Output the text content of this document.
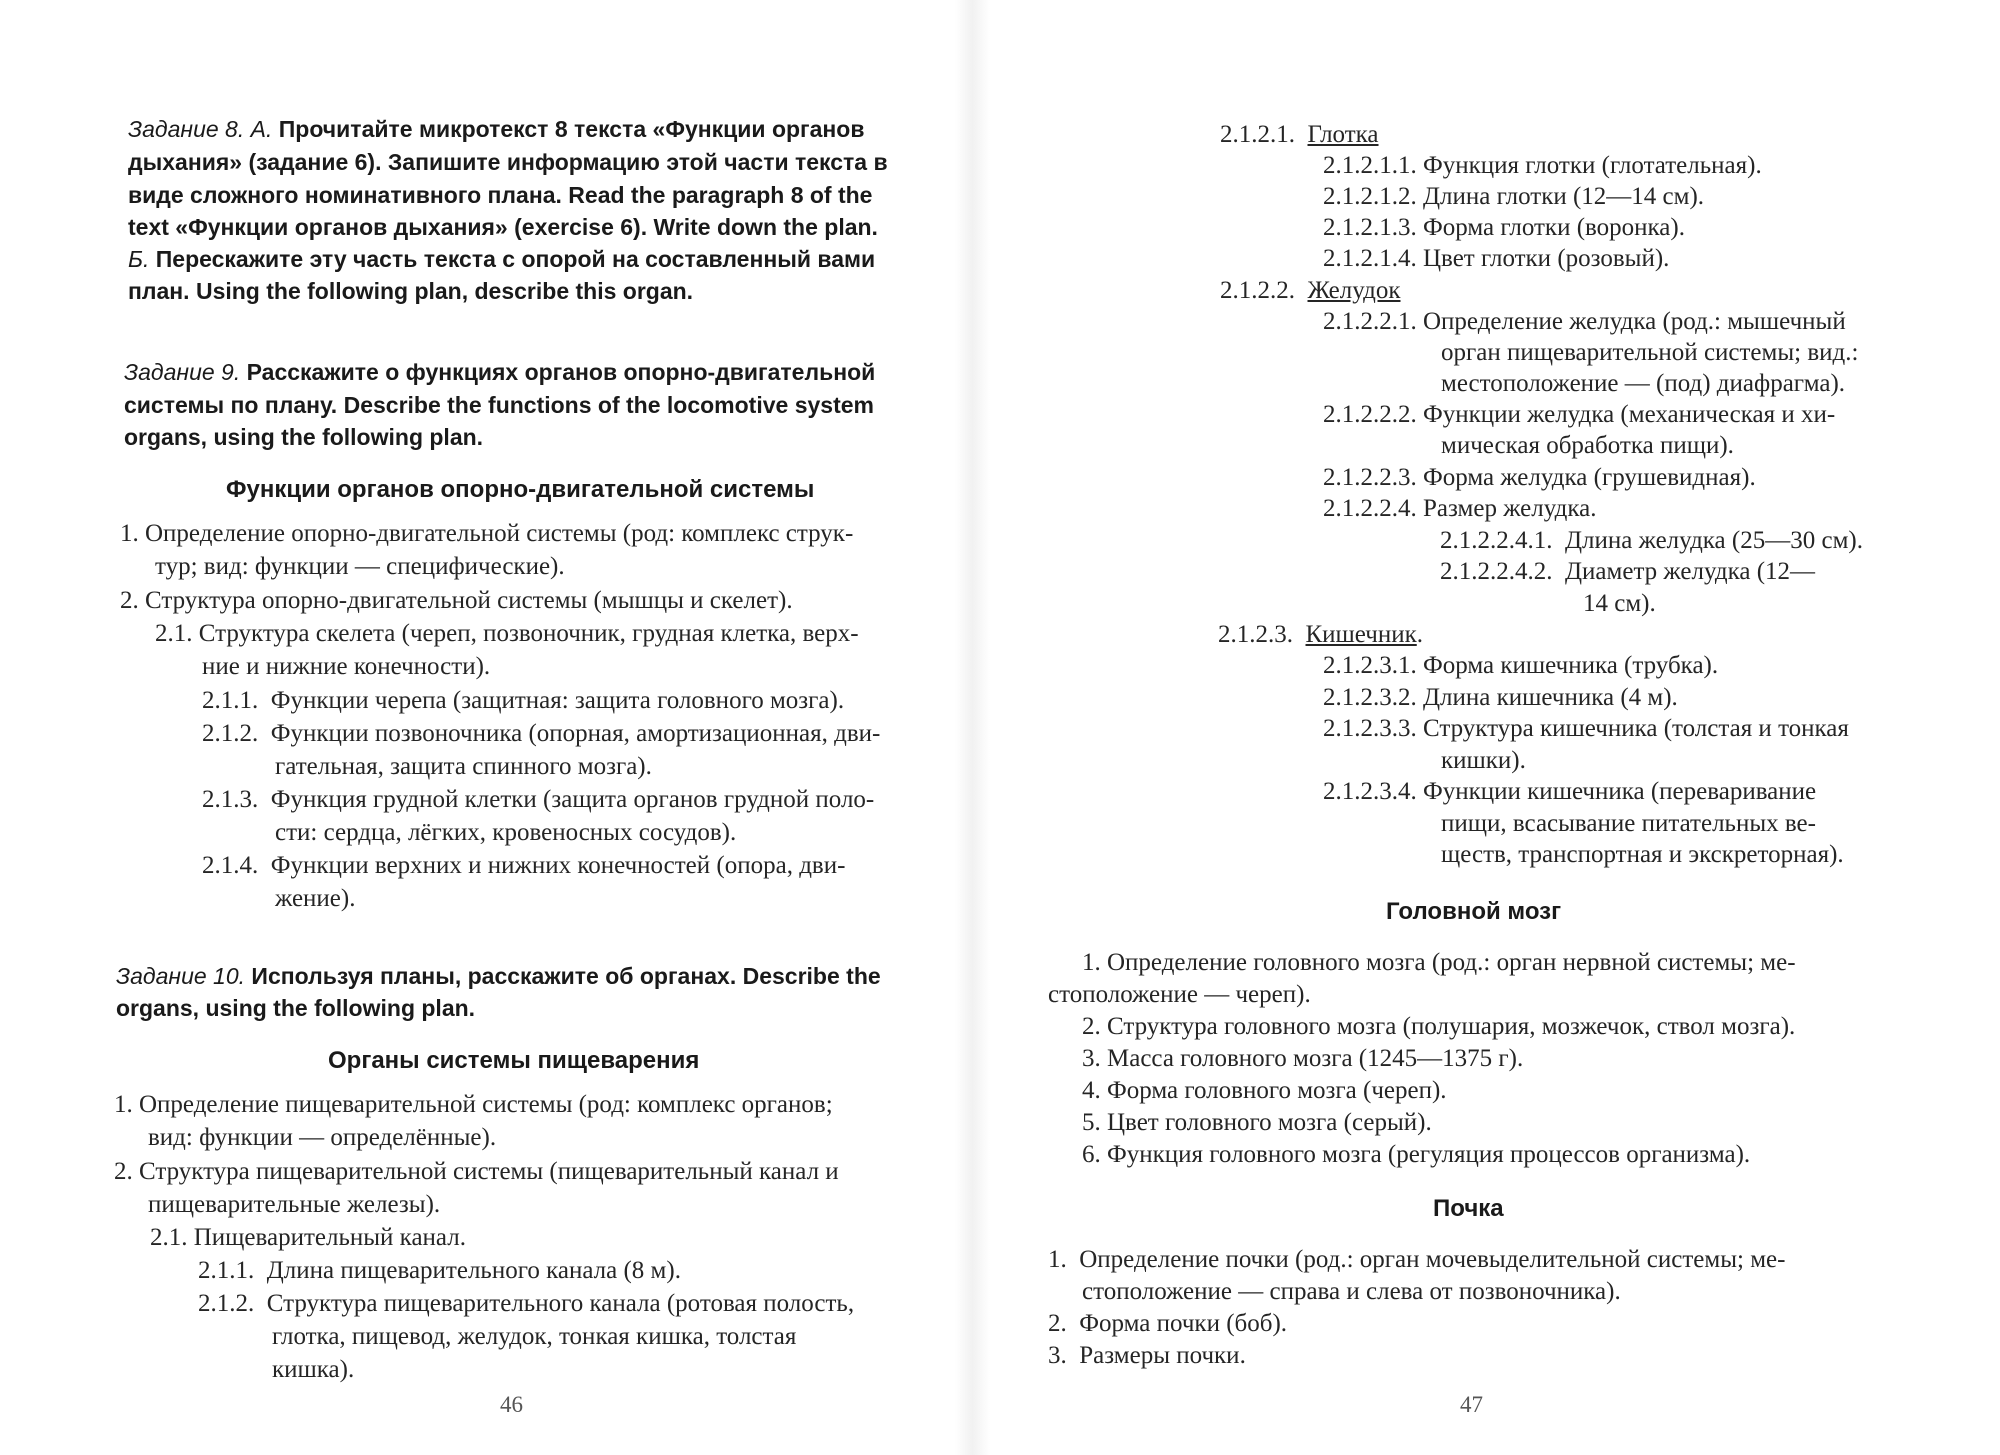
Задание 8. А. Прочитайте микротекст 8 текста «Функции органов
дыхания» (задание 6). Запишите информацию этой части текста в
виде сложного номинативного плана. Read the paragraph 8 of the
text «Функции органов дыхания» (exercise 6). Write down the plan.
Б. Перескажите эту часть текста с опорой на составленный вами
план. Using the following plan, describe this organ.
Задание 9. Расскажите о функциях органов опорно-двигательной
системы по плану. Describe the functions of the locomotive system
organs, using the following plan.
Функции органов опорно-двигательной системы
1. Определение опорно-двигательной системы (род: комплекс струк-
тур; вид: функции — специфические).
2. Структура опорно-двигательной системы (мышцы и скелет).
2.1. Структура скелета (череп, позвоночник, грудная клетка, верх-
ние и нижние конечности).
2.1.1. Функции черепа (защитная: защита головного мозга).
2.1.2. Функции позвоночника (опорная, амортизационная, дви-
гательная, защита спинного мозга).
2.1.3. Функция грудной клетки (защита органов грудной поло-
сти: сердца, лёгких, кровеносных сосудов).
2.1.4. Функции верхних и нижних конечностей (опора, дви-
жение).
Задание 10. Используя планы, расскажите об органах. Describe the
organs, using the following plan.
Органы системы пищеварения
1. Определение пищеварительной системы (род: комплекс органов;
вид: функции — определённые).
2. Структура пищеварительной системы (пищеварительный канал и
пищеварительные железы).
2.1. Пищеварительный канал.
2.1.1. Длина пищеварительного канала (8 м).
2.1.2. Структура пищеварительного канала (ротовая полость,
глотка, пищевод, желудок, тонкая кишка, толстая
кишка).
46
2.1.2.1. Глотка
2.1.2.1.1. Функция глотки (глотательная).
2.1.2.1.2. Длина глотки (12—14 см).
2.1.2.1.3. Форма глотки (воронка).
2.1.2.1.4. Цвет глотки (розовый).
2.1.2.2. Желудок
2.1.2.2.1. Определение желудка (род.: мышечный
орган пищеварительной системы; вид.:
местоположение — (под) диафрагма).
2.1.2.2.2. Функции желудка (механическая и хи-
мическая обработка пищи).
2.1.2.2.3. Форма желудка (грушевидная).
2.1.2.2.4. Размер желудка.
2.1.2.2.4.1. Длина желудка (25—30 см).
2.1.2.2.4.2. Диаметр желудка (12—
14 см).
2.1.2.3. Кишечник.
2.1.2.3.1. Форма кишечника (трубка).
2.1.2.3.2. Длина кишечника (4 м).
2.1.2.3.3. Структура кишечника (толстая и тонкая
кишки).
2.1.2.3.4. Функции кишечника (переваривание
пищи, всасывание питательных ве-
ществ, транспортная и экскреторная).
Головной мозг
1. Определение головного мозга (род.: орган нервной системы; ме-
стоположение — череп).
2. Структура головного мозга (полушария, мозжечок, ствол мозга).
3. Масса головного мозга (1245—1375 г).
4. Форма головного мозга (череп).
5. Цвет головного мозга (серый).
6. Функция головного мозга (регуляция процессов организма).
Почка
1. Определение почки (род.: орган мочевыделительной системы; ме-
стоположение — справа и слева от позвоночника).
2. Форма почки (боб).
3. Размеры почки.
47
